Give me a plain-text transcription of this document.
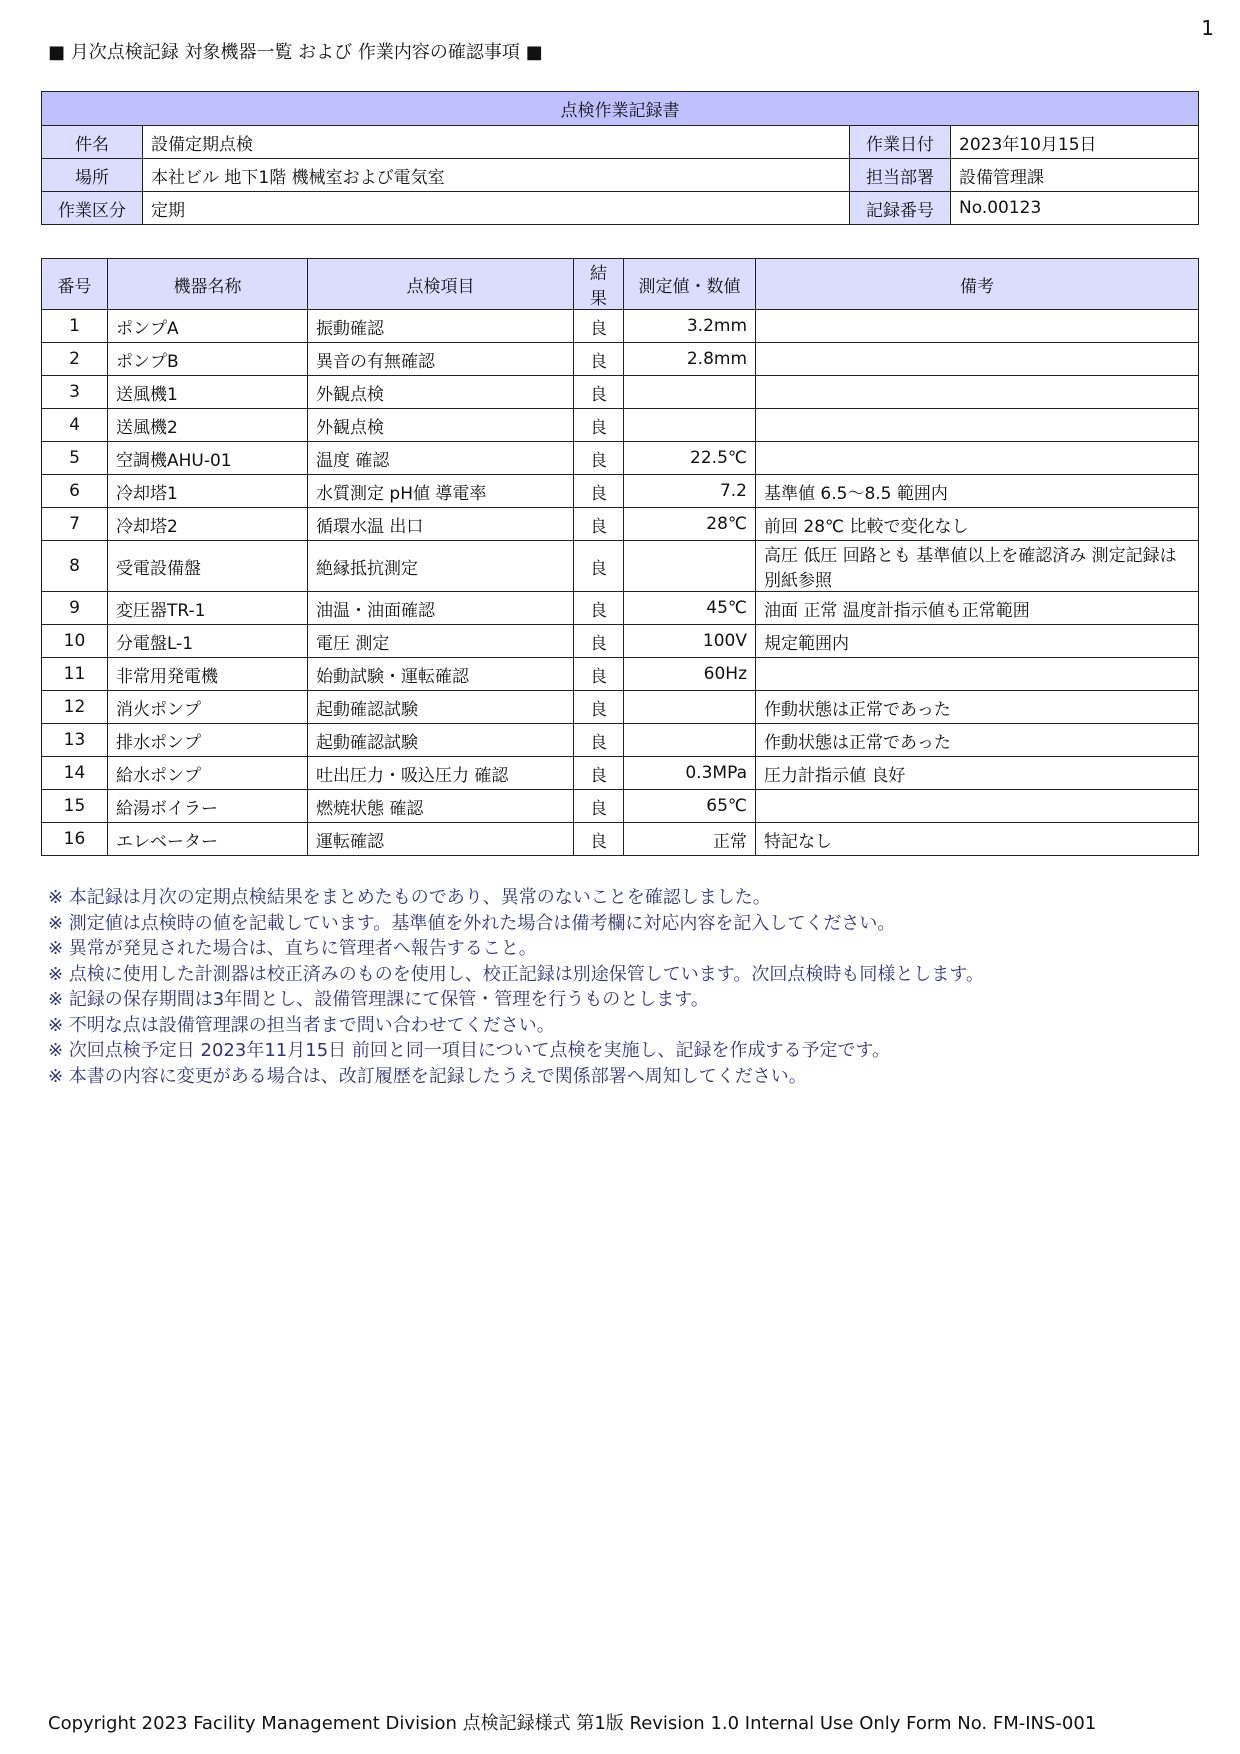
1
■ 月次点検記録 対象機器一覧 および 作業内容の確認事項 ■
点検作業記録書			
件名	設備定期点検	作業日付	2023年10月15日
場所	本社ビル 地下1階 機械室および電気室	担当部署	設備管理課
作業区分	定期	記録番号	No.00123
番号	機器名称	点検項目	結果	測定値・数値	備考
1	ポンプA	振動確認	良	3.2mm	
2	ポンプB	異音の有無確認	良	2.8mm	
3	送風機1	外観点検	良		
4	送風機2	外観点検	良		
5	空調機AHU-01	温度 確認	良	22.5℃	
6	冷却塔1	水質測定 pH値 導電率	良	7.2	基準値 6.5〜8.5 範囲内
7	冷却塔2	循環水温 出口	良	28℃	前回 28℃ 比較で変化なし
8	受電設備盤	絶縁抵抗測定	良		高圧 低圧 回路とも 基準値以上を確認済み 測定記録は別紙参照
9	変圧器TR-1	油温・油面確認	良	45℃	油面 正常 温度計指示値も正常範囲
10	分電盤L-1	電圧 測定	良	100V	規定範囲内
11	非常用発電機	始動試験・運転確認	良	60Hz	
12	消火ポンプ	起動確認試験	良		作動状態は正常であった
13	排水ポンプ	起動確認試験	良		作動状態は正常であった
14	給水ポンプ	吐出圧力・吸込圧力 確認	良	0.3MPa	圧力計指示値 良好
15	給湯ボイラー	燃焼状態 確認	良	65℃	
16	エレベーター	運転確認	良	正常	特記なし
※ 本記録は月次の定期点検結果をまとめたものであり、異常のないことを確認しました。
※ 測定値は点検時の値を記載しています。基準値を外れた場合は備考欄に対応内容を記入してください。
※ 異常が発見された場合は、直ちに管理者へ報告すること。
※ 点検に使用した計測器は校正済みのものを使用し、校正記録は別途保管しています。次回点検時も同様とします。
※ 記録の保存期間は3年間とし、設備管理課にて保管・管理を行うものとします。
※ 不明な点は設備管理課の担当者まで問い合わせてください。
※ 次回点検予定日 2023年11月15日 前回と同一項目について点検を実施し、記録を作成する予定です。
※ 本書の内容に変更がある場合は、改訂履歴を記録したうえで関係部署へ周知してください。
Copyright 2023 Facility Management Division 点検記録様式 第1版 Revision 1.0 Internal Use Only Form No. FM-INS-001
